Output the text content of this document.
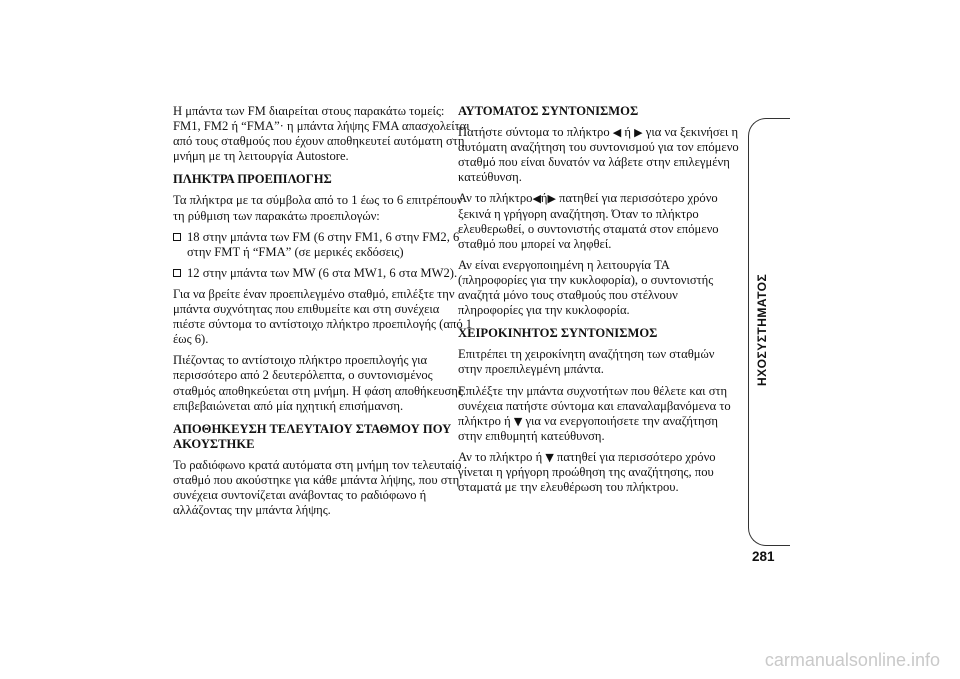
Η μπάντα των FM διαιρείται στους παρακάτω τομείς: FM1, FM2 ή “FMA”· η μπάντα λήψης FMA απασχολείται από τους σταθμούς που έχουν αποθηκευτεί αυτόματη στη μνήμη με τη λειτουργία Autostore.

ΠΛΗΚΤΡΑ ΠΡΟΕΠΙΛΟΓΗΣ

Τα πλήκτρα με τα σύμβολα από το 1 έως το 6 επιτρέπουν τη ρύθμιση των παρακάτω προεπιλογών:

18 στην μπάντα των FM (6 στην FM1, 6 στην FM2, 6 στην FMT ή “FMA” (σε μερικές εκδόσεις)
12 στην μπάντα των MW (6 στα MW1, 6 στα MW2).

Για να βρείτε έναν προεπιλεγμένο σταθμό, επιλέξτε την μπάντα συχνότητας που επιθυμείτε και στη συνέχεια πιέστε σύντομα το αντίστοιχο πλήκτρο προεπιλογής (από 1 έως 6).

Πιέζοντας το αντίστοιχο πλήκτρο προεπιλογής για περισσότερο από 2 δευτερόλεπτα, ο συντονισμένος σταθμός αποθηκεύεται στη μνήμη. Η φάση αποθήκευσης επιβεβαιώνεται από μία ηχητική επισήμανση.

ΑΠΟΘΗΚΕΥΣΗ ΤΕΛΕΥΤΑΙΟΥ ΣΤΑΘΜΟΥ ΠΟΥ ΑΚΟΥΣΤΗΚΕ

Το ραδιόφωνο κρατά αυτόματα στη μνήμη τον τελευταίο σταθμό που ακούστηκε για κάθε μπάντα λήψης, που στη συνέχεια συντονίζεται ανάβοντας το ραδιόφωνο ή αλλάζοντας την μπάντα λήψης.

ΑΥΤΟΜΑΤΟΣ ΣΥΝΤΟΝΙΣΜΟΣ

Πατήστε σύντομα το πλήκτρο ◀ ή ▶ για να ξεκινήσει η αυτόματη αναζήτηση του συντονισμού για τον επόμενο σταθμό που είναι δυνατόν να λάβετε στην επιλεγμένη κατεύθυνση.

Αν το πλήκτρο◀ή▶ πατηθεί για περισσότερο χρόνο ξεκινά η γρήγορη αναζήτηση. Όταν το πλήκτρο ελευθερωθεί, ο συντονιστής σταματά στον επόμενο σταθμό που μπορεί να ληφθεί.

Αν είναι ενεργοποιημένη η λειτουργία TA (πληροφορίες για την κυκλοφορία), ο συντονιστής αναζητά μόνο τους σταθμούς που στέλνουν πληροφορίες για την κυκλοφορία.

ΧΕΙΡΟΚΙΝΗΤΟΣ ΣΥΝΤΟΝΙΣΜΟΣ

Επιτρέπει τη χειροκίνητη αναζήτηση των σταθμών στην προεπιλεγμένη μπάντα.

Επιλέξτε την μπάντα συχνοτήτων που θέλετε και στη συνέχεια πατήστε σύντομα και επαναλαμβανόμενα το πλήκτρο ή ▼ για να ενεργοποιήσετε την αναζήτηση στην επιθυμητή κατεύθυνση.

Αν το πλήκτρο ή ▼ πατηθεί για περισσότερο χρόνο γίνεται η γρήγορη προώθηση της αναζήτησης, που σταματά με την ελευθέρωση του πλήκτρου.

ΗΧΟΣΥΣΤΗΜΑΤΟΣ
281
carmanualsonline.info
